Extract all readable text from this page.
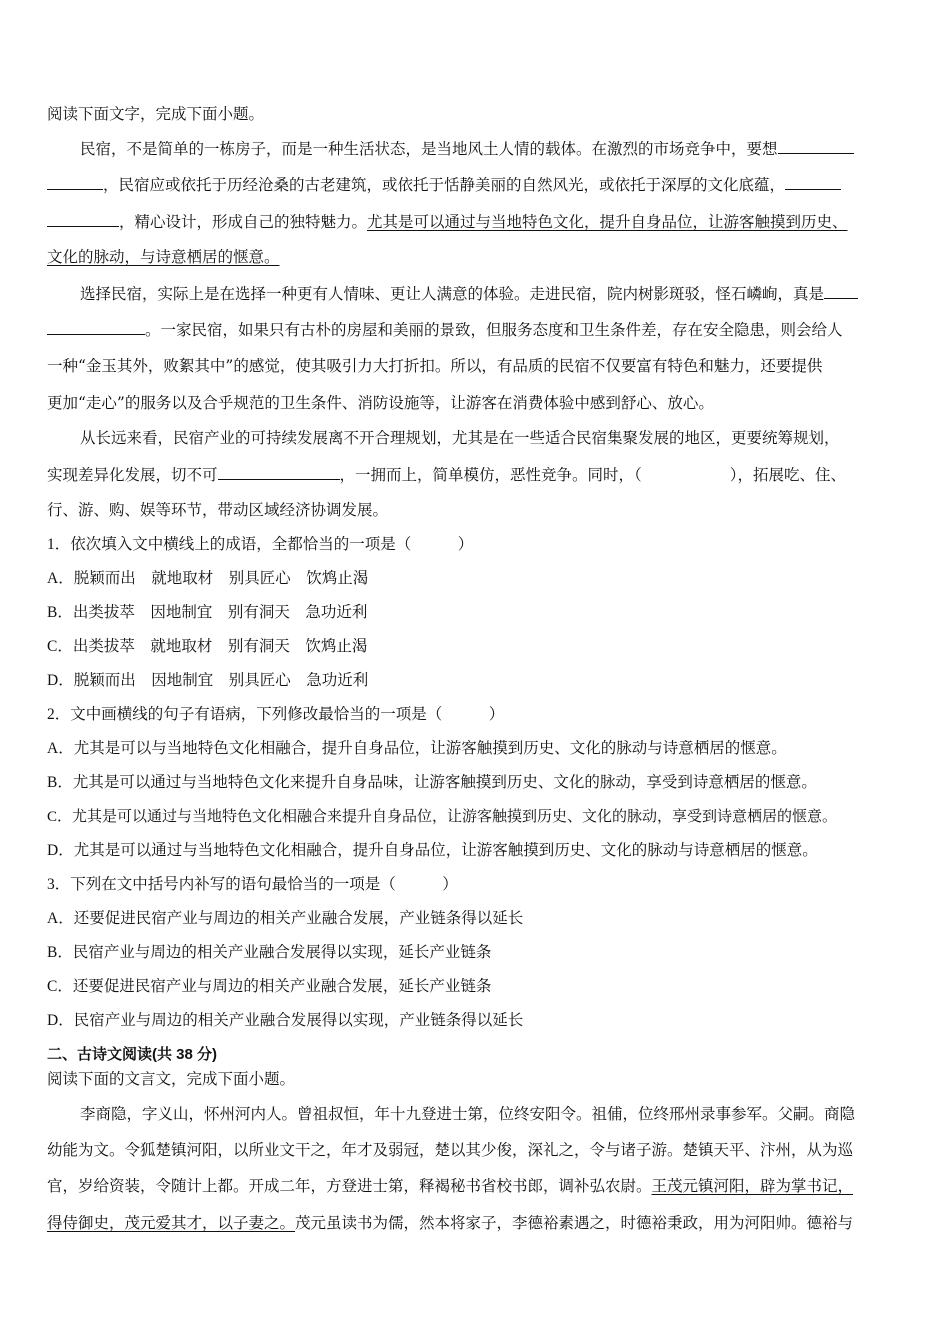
阅读下面文字，完成下面小题。
民宿，不是简单的一栋房子，而是一种生活状态，是当地风土人情的载体。在激烈的市场竞争中，要想
，民宿应或依托于历经沧桑的古老建筑，或依托于恬静美丽的自然风光，或依托于深厚的文化底蕴，
，精心设计，形成自己的独特魅力。尤其是可以通过与当地特色文化，提升自身品位，让游客触摸到历史、
文化的脉动，与诗意栖居的惬意。
选择民宿，实际上是在选择一种更有人情味、更让人满意的体验。走进民宿，院内树影斑驳，怪石嶙峋，真是
。一家民宿，如果只有古朴的房屋和美丽的景致，但服务态度和卫生条件差，存在安全隐患，则会给人
一种“金玉其外，败絮其中”的感觉，使其吸引力大打折扣。所以，有品质的民宿不仅要富有特色和魅力，还要提供
更加“走心”的服务以及合乎规范的卫生条件、消防设施等，让游客在消费体验中感到舒心、放心。
从长远来看，民宿产业的可持续发展离不开合理规划，尤其是在一些适合民宿集聚发展的地区，更要统筹规划，
实现差异化发展，切不可	，一拥而上，简单模仿，恶性竞争。同时，（	），拓展吃、住、
行、游、购、娱等环节，带动区域经济协调发展。
1．依次填入文中横线上的成语，全都恰当的一项是（　　　）
A．脱颖而出　就地取材　别具匠心　饮鸩止渴
B．出类拔萃　因地制宜　别有洞天　急功近利
C．出类拔萃　就地取材　别有洞天　饮鸩止渴
D．脱颖而出　因地制宜　别具匠心　急功近利
2．文中画横线的句子有语病，下列修改最恰当的一项是（　　　）
A．尤其是可以与当地特色文化相融合，提升自身品位，让游客触摸到历史、文化的脉动与诗意栖居的惬意。
B．尤其是可以通过与当地特色文化来提升自身品味，让游客触摸到历史、文化的脉动，享受到诗意栖居的惬意。
C．尤其是可以通过与当地特色文化相融合来提升自身品位，让游客触摸到历史、文化的脉动，享受到诗意栖居的惬意。
D．尤其是可以通过与当地特色文化相融合，提升自身品位，让游客触摸到历史、文化的脉动与诗意栖居的惬意。
3．下列在文中括号内补写的语句最恰当的一项是（　　　）
A．还要促进民宿产业与周边的相关产业融合发展，产业链条得以延长
B．民宿产业与周边的相关产业融合发展得以实现，延长产业链条
C．还要促进民宿产业与周边的相关产业融合发展，延长产业链条
D．民宿产业与周边的相关产业融合发展得以实现，产业链条得以延长
二、古诗文阅读(共 38 分)
阅读下面的文言文，完成下面小题。
李商隐，字义山，怀州河内人。曾祖叔恒，年十九登进士第，位终安阳令。祖俌，位终邢州录事参军。父嗣。商隐
幼能为文。令狐楚镇河阳，以所业文干之，年才及弱冠，楚以其少俊，深礼之，令与诸子游。楚镇天平、汴州，从为巡
官，岁给资装，令随计上都。开成二年，方登进士第，释褐秘书省校书郎，调补弘农尉。王茂元镇河阳，辟为掌书记，
得侍御史，茂元爱其才，以子妻之。茂元虽读书为儒，然本将家子，李德裕素遇之，时德裕秉政，用为河阳帅。德裕与
